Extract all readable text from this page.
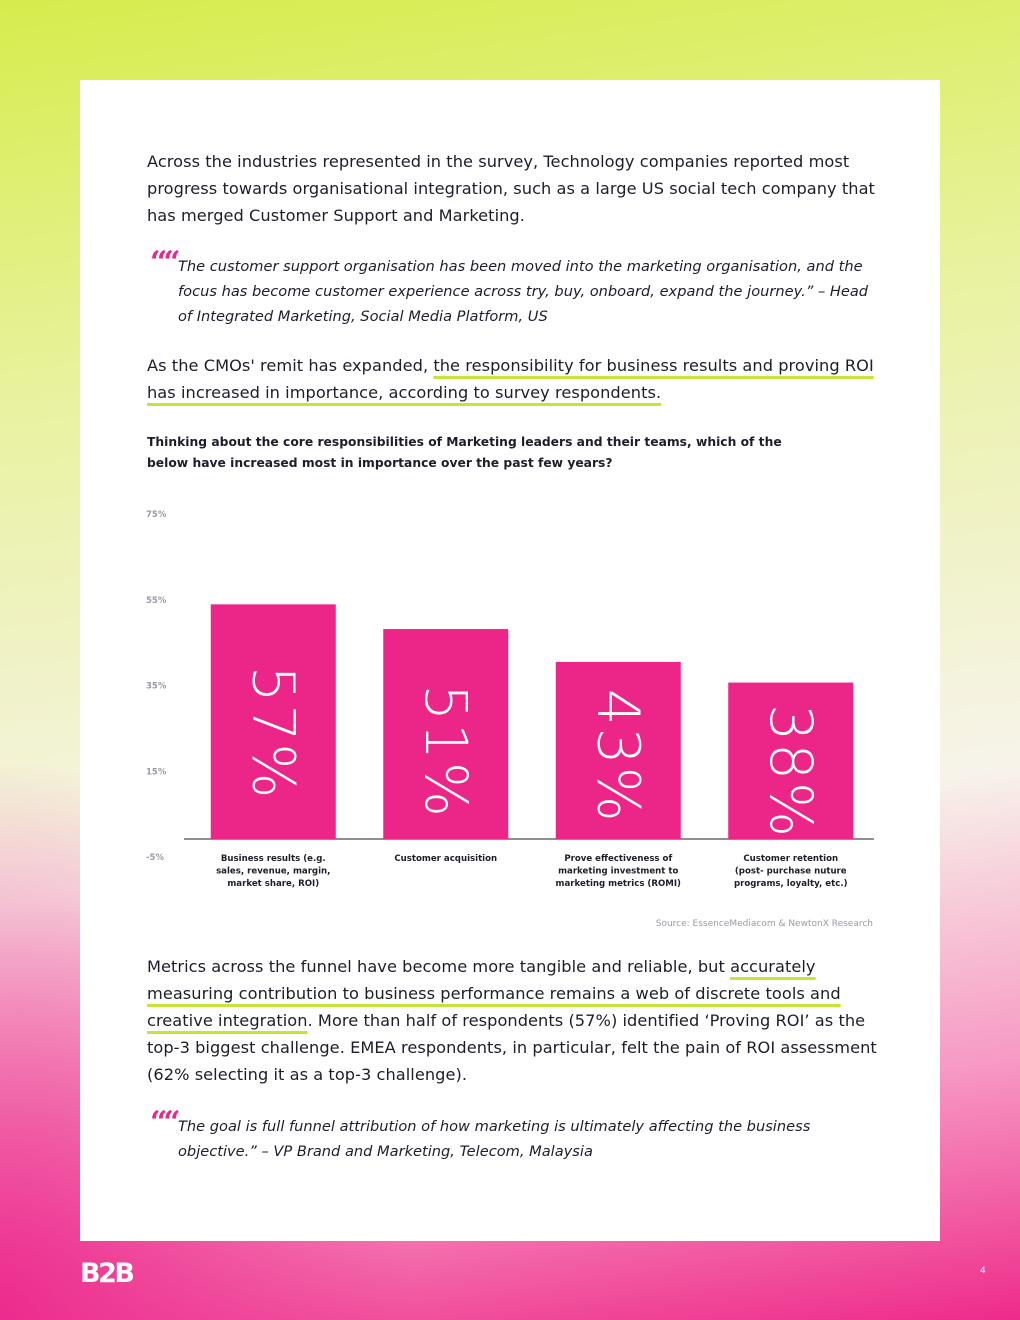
Across the industries represented in the survey, Technology companies reported most progress towards organisational integration, such as a large US social tech company that has merged Customer Support and Marketing.

““ The customer support organisation has been moved into the marketing organisation, and the focus has become customer experience across try, buy, onboard, expand the journey.” – Head of Integrated Marketing, Social Media Platform, US

As the CMOs' remit has expanded, the responsibility for business results and proving ROI has increased in importance, according to survey respondents.

Thinking about the core responsibilities of Marketing leaders and their teams, which of the below have increased most in importance over the past few years?

75%
55%
35%
15%
-5%
57%
Business results (e.g.
sales, revenue, margin,
market share, ROI)
51%
Customer acquisition
43%
Prove effectiveness of
marketing investment to
marketing metrics (ROMI)
38%
Customer retention
(post- purchase nuture
programs, loyalty, etc.)
Source: EssenceMediacom & NewtonX Research

Metrics across the funnel have become more tangible and reliable, but accurately measuring contribution to business performance remains a web of discrete tools and creative integration. More than half of respondents (57%) identified ‘Proving ROI’ as the top-3 biggest challenge. EMEA respondents, in particular, felt the pain of ROI assessment (62% selecting it as a top-3 challenge).

““ The goal is full funnel attribution of how marketing is ultimately affecting the business objective.” – VP Brand and Marketing, Telecom, Malaysia
B2B	4
